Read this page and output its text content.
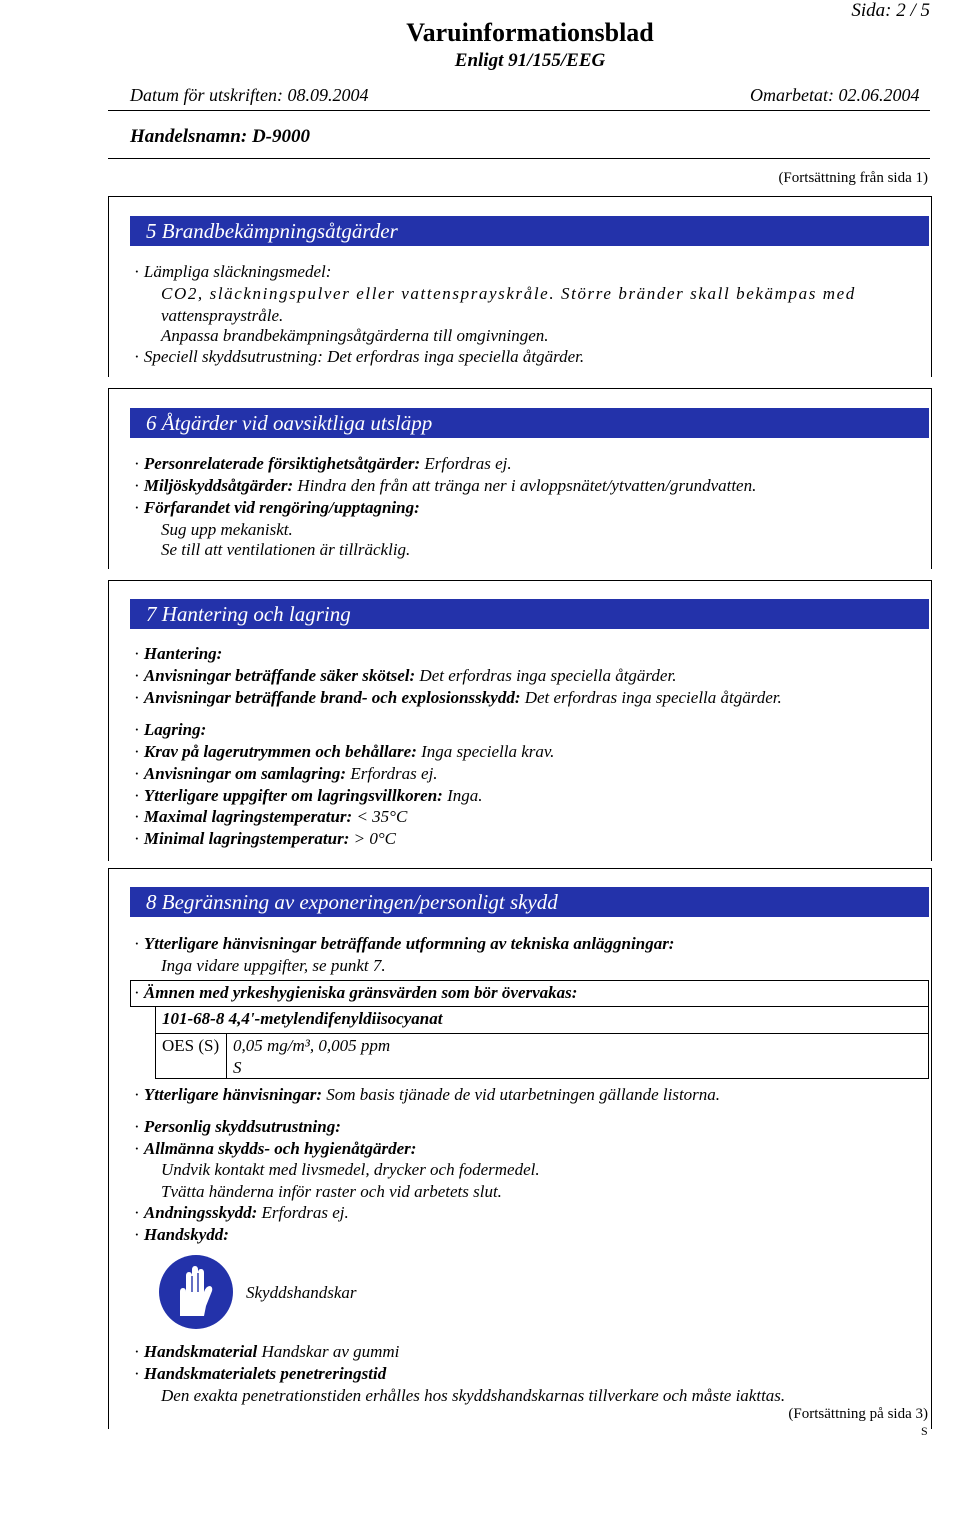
Sida: 2 / 5
Varuinformationsblad
Enligt 91/155/EEG
Datum för utskriften: 08.09.2004	Omarbetat: 02.06.2004
Handelsnamn: D-9000
(Fortsättning från sida 1)
5 Brandbekämpningsåtgärder
· Lämpliga släckningsmedel:
CO2, släckningspulver eller vattensprayskråle. Större bränder skall bekämpas med
vattenspraystråle.
Anpassa brandbekämpningsåtgärderna till omgivningen.
· Speciell skyddsutrustning: Det erfordras inga speciella åtgärder.
6 Åtgärder vid oavsiktliga utsläpp
· Personrelaterade försiktighetsåtgärder: Erfordras ej.
· Miljöskyddsåtgärder: Hindra den från att tränga ner i avloppsnätet/ytvatten/grundvatten.
· Förfarandet vid rengöring/upptagning:
Sug upp mekaniskt.
Se till att ventilationen är tillräcklig.
7 Hantering och lagring
· Hantering:
· Anvisningar beträffande säker skötsel: Det erfordras inga speciella åtgärder.
· Anvisningar beträffande brand- och explosionsskydd: Det erfordras inga speciella åtgärder.
· Lagring:
· Krav på lagerutrymmen och behållare: Inga speciella krav.
· Anvisningar om samlagring: Erfordras ej.
· Ytterligare uppgifter om lagringsvillkoren: Inga.
· Maximal lagringstemperatur: < 35°C
· Minimal lagringstemperatur: > 0°C
8 Begränsning av exponeringen/personligt skydd
· Ytterligare hänvisningar beträffande utformning av tekniska anläggningar:
Inga vidare uppgifter, se punkt 7.
· Ämnen med yrkeshygieniska gränsvärden som bör övervakas:
101-68-8 4,4'-metylendifenyldiisocyanat
OES (S) 0,05 mg/m³, 0,005 ppm
S
· Ytterligare hänvisningar: Som basis tjänade de vid utarbetningen gällande listorna.
· Personlig skyddsutrustning:
· Allmänna skydds- och hygienåtgärder:
Undvik kontakt med livsmedel, drycker och fodermedel.
Tvätta händerna inför raster och vid arbetets slut.
· Andningsskydd: Erfordras ej.
· Handskydd:
Skyddshandskar
· Handskmaterial Handskar av gummi
· Handskmaterialets penetreringstid
Den exakta penetrationstiden erhålles hos skyddshandskarnas tillverkare och måste iakttas.
(Fortsättning på sida 3)
S
